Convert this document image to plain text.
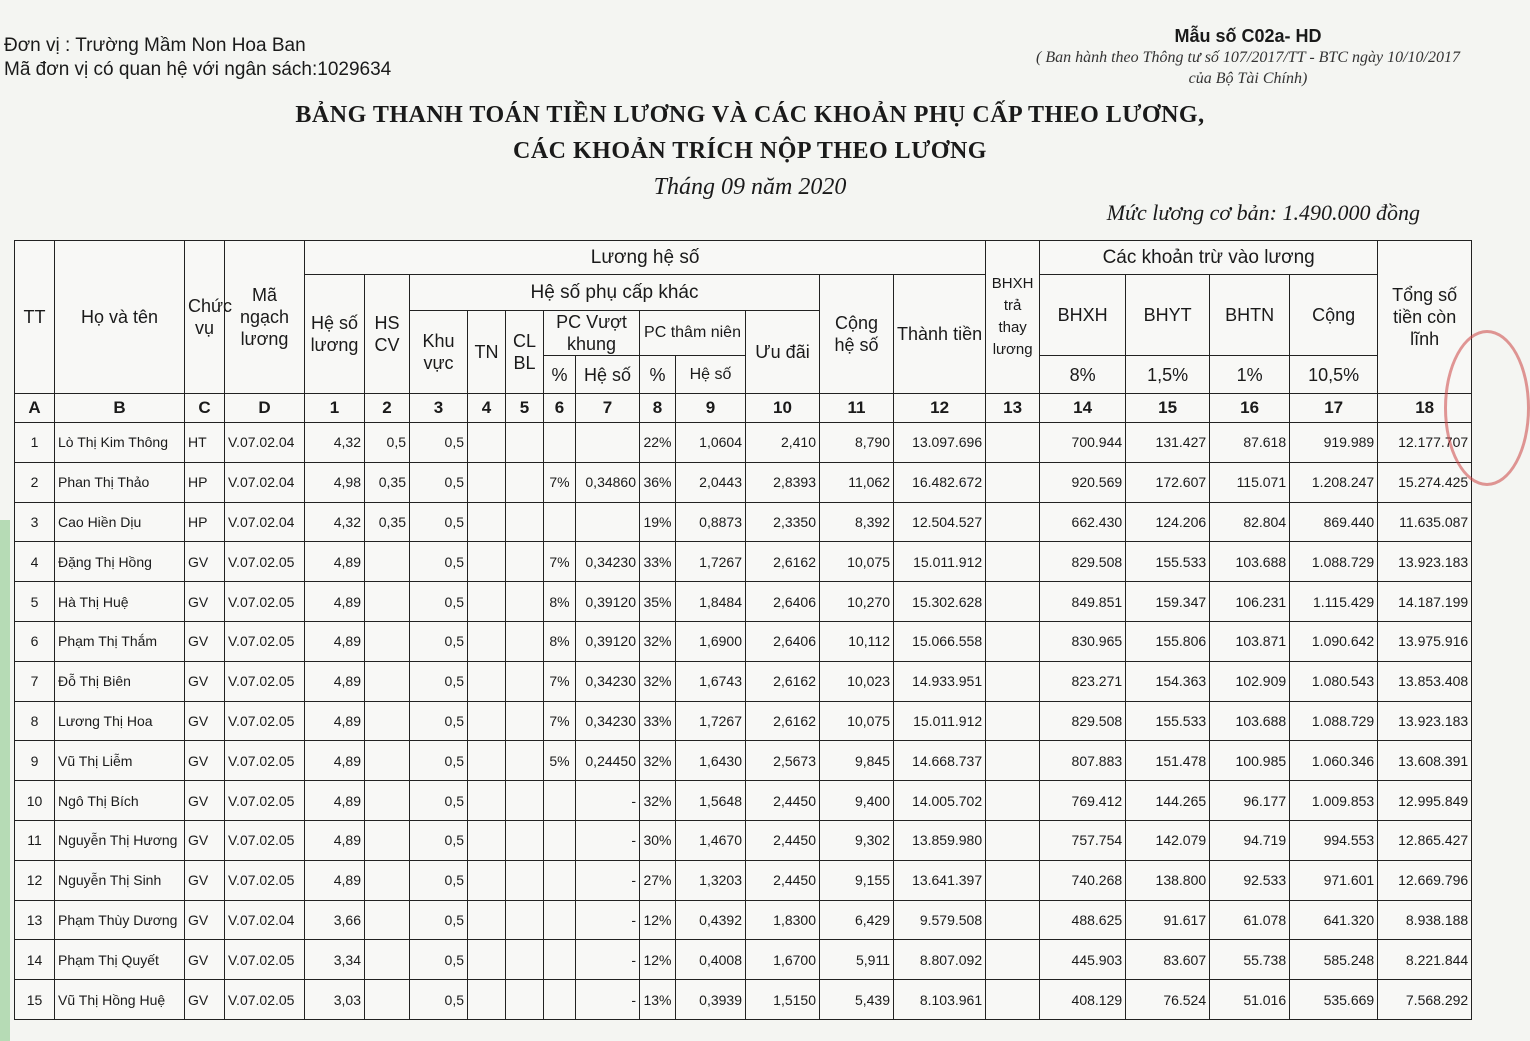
Đơn vị : Trường Mầm Non Hoa Ban
Mã đơn vị có quan hệ với ngân sách:1029634
Mẫu số C02a- HD
( Ban hành theo Thông tư số 107/2017/TT - BTC ngày 10/10/2017
của Bộ Tài Chính)
BẢNG THANH TOÁN TIỀN LƯƠNG VÀ CÁC KHOẢN PHỤ CẤP THEO LƯƠNG,
CÁC KHOẢN TRÍCH NỘP THEO LƯƠNG
Tháng 09 năm 2020
Mức lương cơ bản: 1.490.000 đồng
TT	Họ và tên	Chức vụ	Mã ngạch lương	Lương hệ số												BHXH trả thay lương	Các khoản trừ vào lương				Tổng số tiền còn lĩnh
				Hệ số lương	HS CV	Hệ số phụ cấp khác								Cộng hệ số	Thành tiền		BHXH	BHYT	BHTN	Cộng	
						Khu vực	TN	CL BL	PC Vượt khung		PC thâm niên		Ưu đãi								
									%	Hệ số	%	Hệ số					8%	1,5%	1%	10,5%	
A	B	C	D	1	2	3	4	5	6	7	8	9	10	11	12	13	14	15	16	17	18
1	Lò Thị Kim Thông	HT	V.07.02.04	4,32	0,5	0,5					22%	1,0604	2,410	8,790	13.097.696		700.944	131.427	87.618	919.989	12.177.707
2	Phan Thị Thảo	HP	V.07.02.04	4,98	0,35	0,5			7%	0,34860	36%	2,0443	2,8393	11,062	16.482.672		920.569	172.607	115.071	1.208.247	15.274.425
3	Cao Hiền Dịu	HP	V.07.02.04	4,32	0,35	0,5					19%	0,8873	2,3350	8,392	12.504.527		662.430	124.206	82.804	869.440	11.635.087
4	Đặng Thị Hồng	GV	V.07.02.05	4,89		0,5			7%	0,34230	33%	1,7267	2,6162	10,075	15.011.912		829.508	155.533	103.688	1.088.729	13.923.183
5	Hà Thị Huệ	GV	V.07.02.05	4,89		0,5			8%	0,39120	35%	1,8484	2,6406	10,270	15.302.628		849.851	159.347	106.231	1.115.429	14.187.199
6	Phạm Thị Thắm	GV	V.07.02.05	4,89		0,5			8%	0,39120	32%	1,6900	2,6406	10,112	15.066.558		830.965	155.806	103.871	1.090.642	13.975.916
7	Đỗ Thị Biên	GV	V.07.02.05	4,89		0,5			7%	0,34230	32%	1,6743	2,6162	10,023	14.933.951		823.271	154.363	102.909	1.080.543	13.853.408
8	Lương Thị Hoa	GV	V.07.02.05	4,89		0,5			7%	0,34230	33%	1,7267	2,6162	10,075	15.011.912		829.508	155.533	103.688	1.088.729	13.923.183
9	Vũ Thị Liễm	GV	V.07.02.05	4,89		0,5			5%	0,24450	32%	1,6430	2,5673	9,845	14.668.737		807.883	151.478	100.985	1.060.346	13.608.391
10	Ngô Thị Bích	GV	V.07.02.05	4,89		0,5				-	32%	1,5648	2,4450	9,400	14.005.702		769.412	144.265	96.177	1.009.853	12.995.849
11	Nguyễn Thị Hương	GV	V.07.02.05	4,89		0,5				-	30%	1,4670	2,4450	9,302	13.859.980		757.754	142.079	94.719	994.553	12.865.427
12	Nguyễn Thị Sinh	GV	V.07.02.05	4,89		0,5				-	27%	1,3203	2,4450	9,155	13.641.397		740.268	138.800	92.533	971.601	12.669.796
13	Phạm Thùy Dương	GV	V.07.02.04	3,66		0,5				-	12%	0,4392	1,8300	6,429	9.579.508		488.625	91.617	61.078	641.320	8.938.188
14	Phạm Thị Quyết	GV	V.07.02.05	3,34		0,5				-	12%	0,4008	1,6700	5,911	8.807.092		445.903	83.607	55.738	585.248	8.221.844
15	Vũ Thị Hồng Huệ	GV	V.07.02.05	3,03		0,5				-	13%	0,3939	1,5150	5,439	8.103.961		408.129	76.524	51.016	535.669	7.568.292
